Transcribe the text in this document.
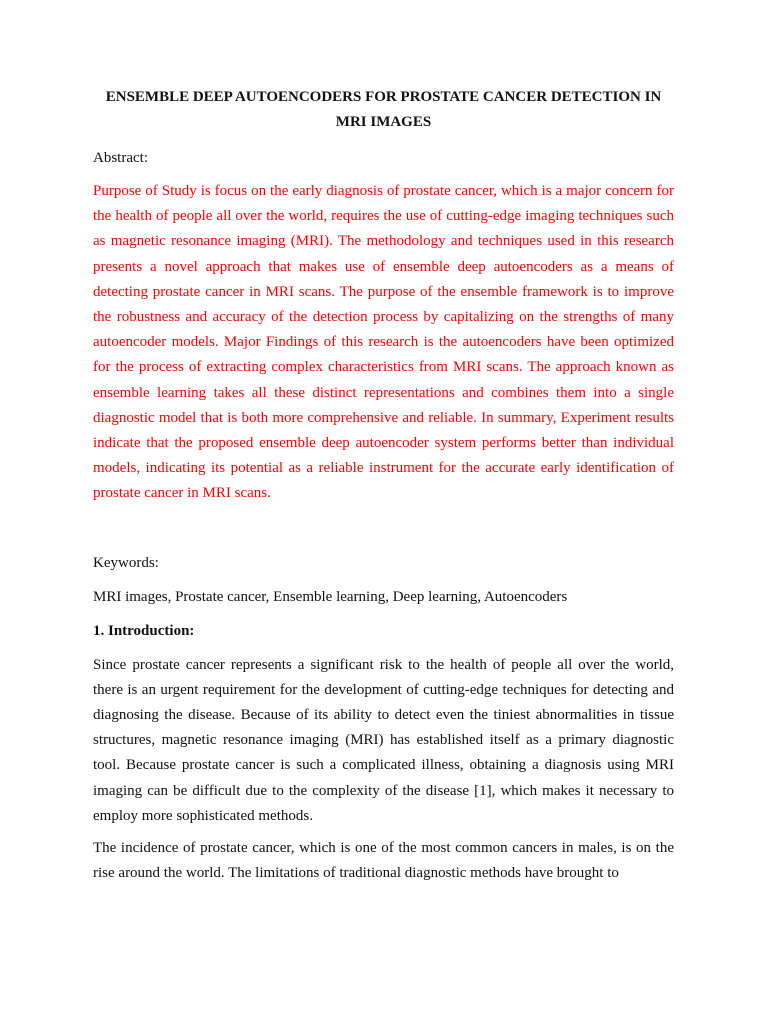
ENSEMBLE DEEP AUTOENCODERS FOR PROSTATE CANCER DETECTION IN MRI IMAGES

Abstract:

Purpose of Study is focus on the early diagnosis of prostate cancer, which is a major concern for the health of people all over the world, requires the use of cutting-edge imaging techniques such as magnetic resonance imaging (MRI). The methodology and techniques used in this research presents a novel approach that makes use of ensemble deep autoencoders as a means of detecting prostate cancer in MRI scans. The purpose of the ensemble framework is to improve the robustness and accuracy of the detection process by capitalizing on the strengths of many autoencoder models. Major Findings of this research is the autoencoders have been optimized for the process of extracting complex characteristics from MRI scans. The approach known as ensemble learning takes all these distinct representations and combines them into a single diagnostic model that is both more comprehensive and reliable. In summary, Experiment results indicate that the proposed ensemble deep autoencoder system performs better than individual models, indicating its potential as a reliable instrument for the accurate early identification of prostate cancer in MRI scans.

Keywords:

MRI images, Prostate cancer, Ensemble learning, Deep learning, Autoencoders

1. Introduction:

Since prostate cancer represents a significant risk to the health of people all over the world, there is an urgent requirement for the development of cutting-edge techniques for detecting and diagnosing the disease. Because of its ability to detect even the tiniest abnormalities in tissue structures, magnetic resonance imaging (MRI) has established itself as a primary diagnostic tool. Because prostate cancer is such a complicated illness, obtaining a diagnosis using MRI imaging can be difficult due to the complexity of the disease [1], which makes it necessary to employ more sophisticated methods.

The incidence of prostate cancer, which is one of the most common cancers in males, is on the rise around the world. The limitations of traditional diagnostic methods have brought to
